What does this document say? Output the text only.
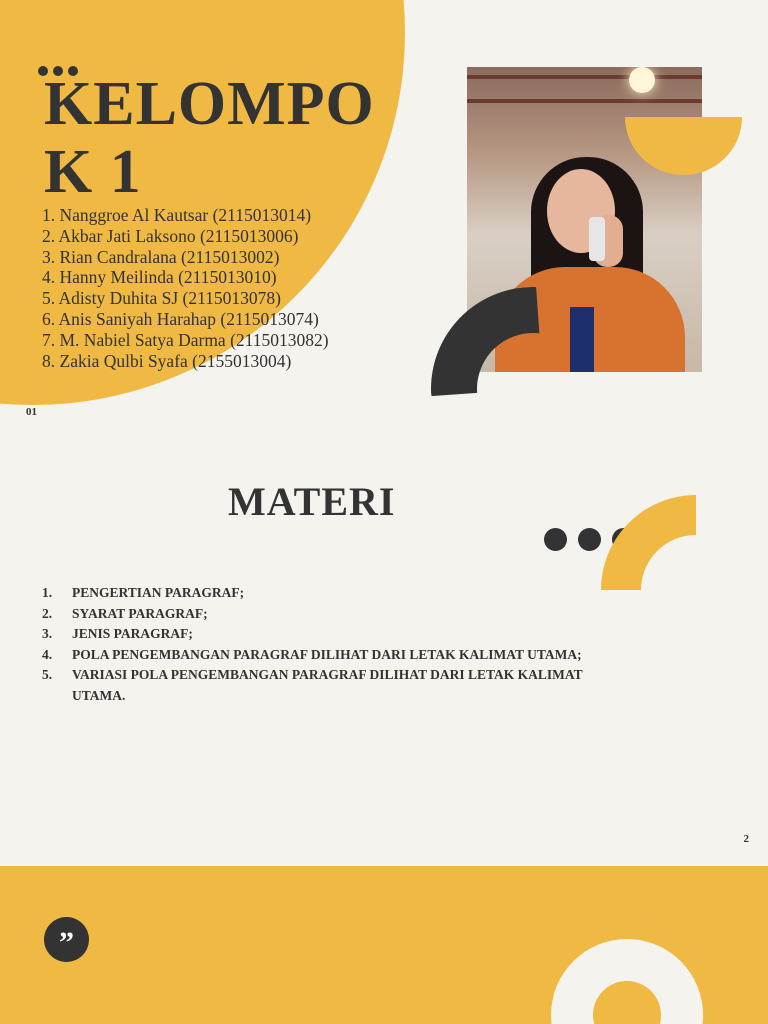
KELOMPOK 1
1. Nanggroe Al Kautsar (2115013014)
2. Akbar Jati Laksono (2115013006)
3. Rian Candralana (2115013002)
4. Hanny Meilinda (2115013010)
5. Adisty Duhita SJ (2115013078)
6. Anis Saniyah Harahap (2115013074)
7. M. Nabiel Satya Darma (2115013082)
8. Zakia Qulbi Syafa (2155013004)
01
MATERI
1.	PENGERTIAN PARAGRAF;
2.	SYARAT PARAGRAF;
3.	JENIS PARAGRAF;
4.	POLA PENGEMBANGAN PARAGRAF DILIHAT DARI LETAK KALIMAT UTAMA;
5.	VARIASI POLA PENGEMBANGAN PARAGRAF DILIHAT DARI LETAK KALIMAT UTAMA.
2
”
